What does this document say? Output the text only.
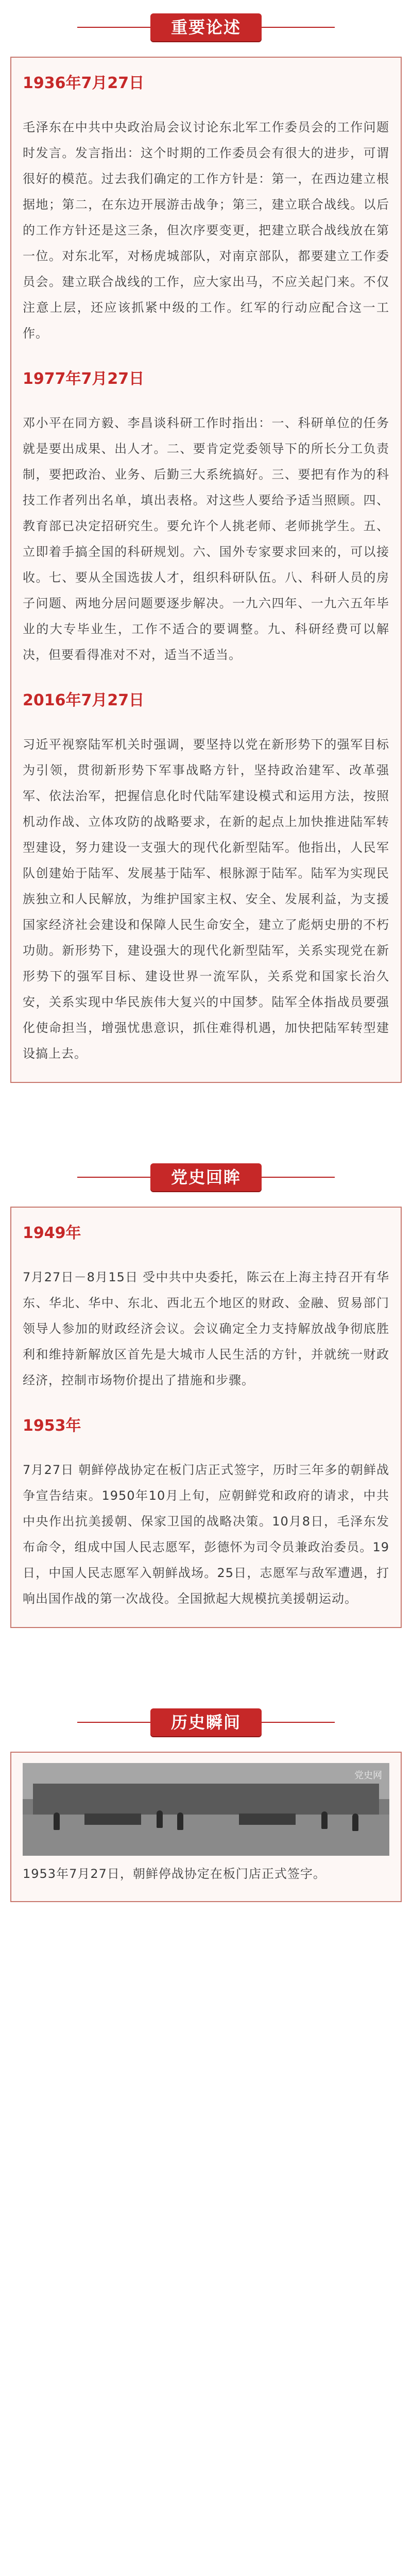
重要论述
1936年7月27日

毛泽东在中共中央政治局会议讨论东北军工作委员会的工作问题时发言。发言指出：这个时期的工作委员会有很大的进步，可谓很好的模范。过去我们确定的工作方针是：第一，在西边建立根据地；第二，在东边开展游击战争；第三，建立联合战线。以后的工作方针还是这三条，但次序要变更，把建立联合战线放在第一位。对东北军，对杨虎城部队，对南京部队，都要建立工作委员会。建立联合战线的工作，应大家出马，不应关起门来。不仅注意上层，还应该抓紧中级的工作。红军的行动应配合这一工作。

1977年7月27日

邓小平在同方毅、李昌谈科研工作时指出：一、科研单位的任务就是要出成果、出人才。二、要肯定党委领导下的所长分工负责制，要把政治、业务、后勤三大系统搞好。三、要把有作为的科技工作者列出名单，填出表格。对这些人要给予适当照顾。四、教育部已决定招研究生。要允许个人挑老师、老师挑学生。五、立即着手搞全国的科研规划。六、国外专家要求回来的，可以接收。七、要从全国选拔人才，组织科研队伍。八、科研人员的房子问题、两地分居问题要逐步解决。一九六四年、一九六五年毕业的大专毕业生，工作不适合的要调整。九、科研经费可以解决，但要看得准对不对，适当不适当。

2016年7月27日

习近平视察陆军机关时强调，要坚持以党在新形势下的强军目标为引领，贯彻新形势下军事战略方针，坚持政治建军、改革强军、依法治军，把握信息化时代陆军建设模式和运用方法，按照机动作战、立体攻防的战略要求，在新的起点上加快推进陆军转型建设，努力建设一支强大的现代化新型陆军。他指出，人民军队创建始于陆军、发展基于陆军、根脉源于陆军。陆军为实现民族独立和人民解放，为维护国家主权、安全、发展利益，为支援国家经济社会建设和保障人民生命安全，建立了彪炳史册的不朽功勋。新形势下，建设强大的现代化新型陆军，关系实现党在新形势下的强军目标、建设世界一流军队，关系党和国家长治久安，关系实现中华民族伟大复兴的中国梦。陆军全体指战员要强化使命担当，增强忧患意识，抓住难得机遇，加快把陆军转型建设搞上去。

党史回眸
1949年

7月27日－8月15日 受中共中央委托，陈云在上海主持召开有华东、华北、华中、东北、西北五个地区的财政、金融、贸易部门领导人参加的财政经济会议。会议确定全力支持解放战争彻底胜利和维持新解放区首先是大城市人民生活的方针，并就统一财政经济，控制市场物价提出了措施和步骤。

1953年

7月27日 朝鲜停战协定在板门店正式签字，历时三年多的朝鲜战争宣告结束。1950年10月上旬，应朝鲜党和政府的请求，中共中央作出抗美援朝、保家卫国的战略决策。10月8日，毛泽东发布命令，组成中国人民志愿军，彭德怀为司令员兼政治委员。19日，中国人民志愿军入朝鲜战场。25日，志愿军与敌军遭遇，打响出国作战的第一次战役。全国掀起大规模抗美援朝运动。

历史瞬间
党史网
1953年7月27日，朝鲜停战协定在板门店正式签字。
